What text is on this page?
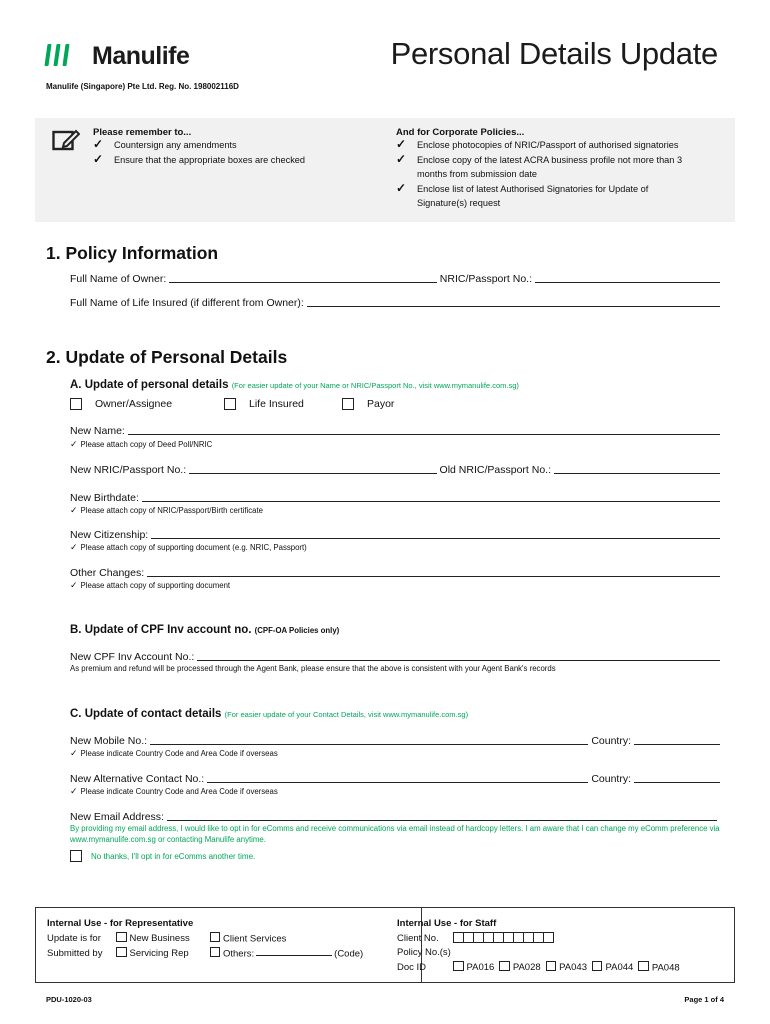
Manulife	Personal Details Update
Manulife (Singapore) Pte Ltd. Reg. No. 198002116D
Please remember to...
✓ Countersign any amendments
✓ Ensure that the appropriate boxes are checked
And for Corporate Policies...
✓ Enclose photocopies of NRIC/Passport of authorised signatories
✓ Enclose copy of the latest ACRA business profile not more than 3
months from submission date
✓ Enclose list of latest Authorised Signatories for Update of
Signature(s) request
1. Policy Information
Full Name of Owner:	NRIC/Passport No.:
Full Name of Life Insured (if different from Owner):
2. Update of Personal Details
A. Update of personal details (For easier update of your Name or NRIC/Passport No., visit www.mymanulife.com.sg)
Owner/Assignee	Life Insured	Payor
New Name:
✓ Please attach copy of Deed Poll/NRIC
New NRIC/Passport No.:	Old NRIC/Passport No.:
New Birthdate:
✓ Please attach copy of NRIC/Passport/Birth certificate
New Citizenship:
✓ Please attach copy of supporting document (e.g. NRIC, Passport)
Other Changes:
✓ Please attach copy of supporting document
B. Update of CPF Inv account no. (CPF-OA Policies only)
New CPF Inv Account No.:
As premium and refund will be processed through the Agent Bank, please ensure that the above is consistent with your Agent Bank's records
C. Update of contact details (For easier update of your Contact Details, visit www.mymanulife.com.sg)
New Mobile No.:	Country:
✓ Please indicate Country Code and Area Code if overseas
New Alternative Contact No.:	Country:
✓ Please indicate Country Code and Area Code if overseas
New Email Address:
By providing my email address, I would like to opt in for eComms and receive communications via email instead of hardcopy letters. I am aware that I can change my eComm preference via www.mymanulife.com.sg or contacting Manulife anytime.
No thanks, I'll opt in for eComms another time.
Internal Use - for Representative
Update is for	New Business	Client Services
Submitted by	Servicing Rep	Others:	(Code)
Internal Use - for Staff
Client No.
Policy No.(s)
Doc ID	PA016 PA028 PA043 PA044 PA048
PDU-1020-03	Page 1 of 4
